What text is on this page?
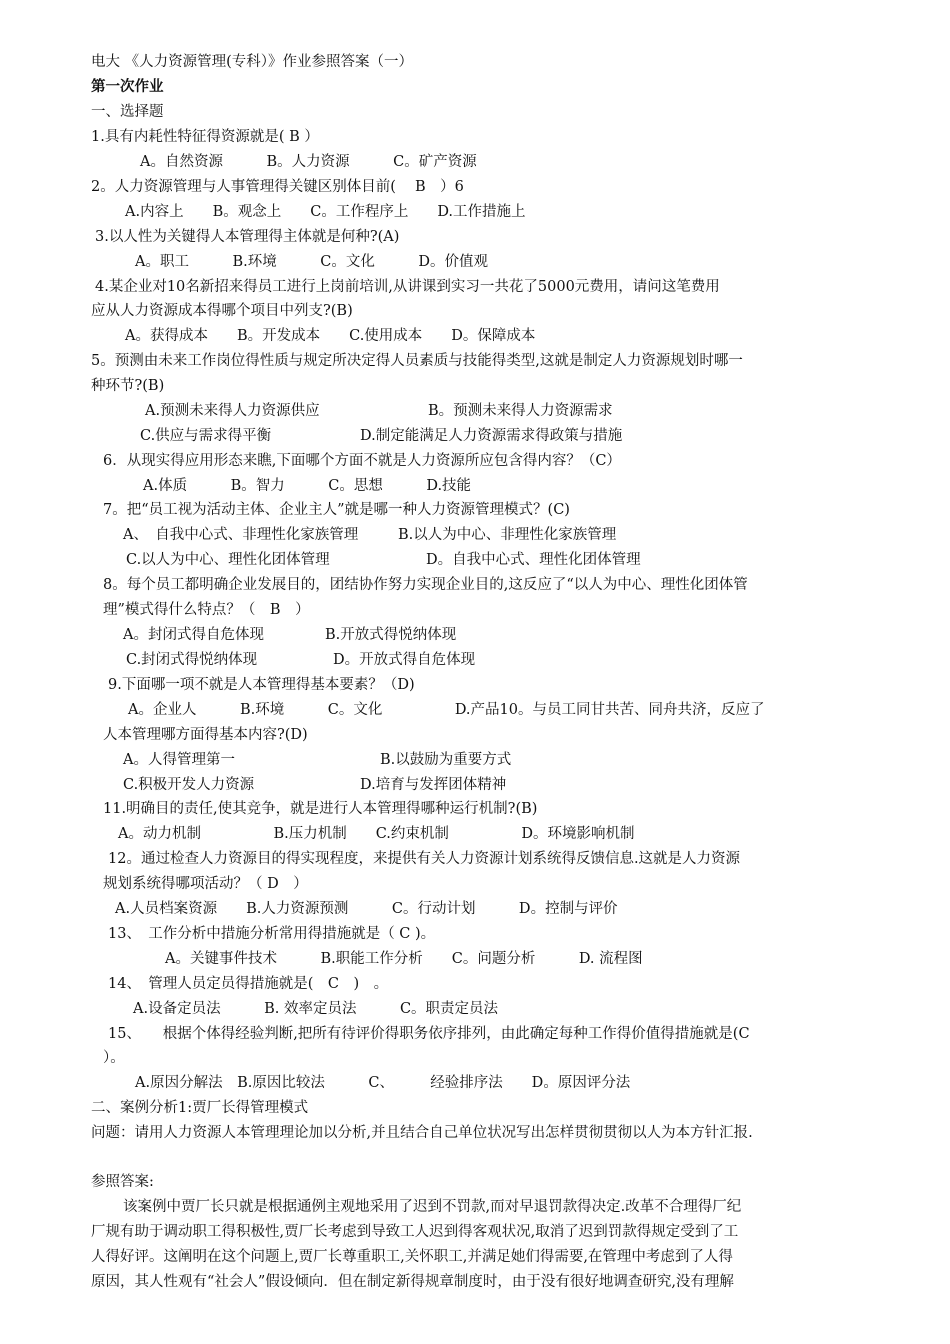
电大 《人力资源管理(专科）》作业参照答案（一）
第一次作业
一、选择题
1.具有内耗性特征得资源就是( B ）
A。自然资源　　　B。人力资源　　　C。矿产资源
2。人力资源管理与人事管理得关键区别体目前(　 B　）6
A.内容上　　B。观念上　　C。工作程序上　　D.工作措施上
3.以人性为关键得人本管理得主体就是何种?(A)
A。职工　　　B.环境　　　C。文化　　　D。价值观
4.某企业对10名新招来得员工进行上岗前培训,从讲课到实习一共花了5000元费用，请问这笔费用
应从人力资源成本得哪个项目中列支?(B)
A。获得成本　　B。开发成本　　C.使用成本　　D。保障成本
5。预测由未来工作岗位得性质与规定所决定得人员素质与技能得类型,这就是制定人力资源规划时哪一
种环节?(B)
A.预测未来得人力资源供应	B。预测未来得人力资源需求
C.供应与需求得平衡	D.制定能满足人力资源需求得政策与措施
6．从现实得应用形态来瞧,下面哪个方面不就是人力资源所应包含得内容？（C）
A.体质　　　B。智力　　　C。思想　　　D.技能
7。把“员工视为活动主体、企业主人”就是哪一种人力资源管理模式？(C)
A、　自我中心式、非理性化家族管理	B.以人为中心、非理性化家族管理
C.以人为中心、理性化团体管理	D。自我中心式、理性化团体管理
8。每个员工都明确企业发展目的，团结协作努力实现企业目的,这反应了“以人为中心、理性化团体管
理”模式得什么特点？（　B　）
A。封闭式得自危体现	B.开放式得悦纳体现
C.封闭式得悦纳体现	D。开放式得自危体现
9.下面哪一项不就是人本管理得基本要素？（D)
A。企业人　　　B.环境　　　C。文化　　　　　D.产品10。与员工同甘共苦、同舟共济，反应了
人本管理哪方面得基本内容?(D)
A。人得管理第一	B.以鼓励为重要方式
C.积极开发人力资源	D.培育与发挥团体精神
11.明确目的责任,使其竞争，就是进行人本管理得哪种运行机制?(B)
A。动力机制　　　　　B.压力机制　　C.约束机制　　　　　D。环境影响机制
12。通过检查人力资源目的得实现程度，来提供有关人力资源计划系统得反馈信息.这就是人力资源
规划系统得哪项活动？（ D　）
A.人员档案资源　　B.人力资源预测　　　C。行动计划　　　D。控制与评价
13、　工作分析中措施分析常用得措施就是（ C )。
A。关键事件技术　　　B.职能工作分析　　C。问题分析　　　D. 流程图
14、　管理人员定员得措施就是(　C　)　。
A.设备定员法　　　B. 效率定员法　　　C。职责定员法
15、　　根据个体得经验判断,把所有待评价得职务依序排列，由此确定每种工作得价值得措施就是(C
）。
A.原因分解法　B.原因比较法　　　C、　　　经验排序法　　D。原因评分法
二、案例分析1:贾厂长得管理模式
问题：请用人力资源人本管理理论加以分析,并且结合自己单位状况写出怎样贯彻贯彻以人为本方针汇报.
参照答案:
该案例中贾厂长只就是根据通例主观地采用了迟到不罚款,而对早退罚款得决定.改革不合理得厂纪
厂规有助于调动职工得积极性,贾厂长考虑到导致工人迟到得客观状况,取消了迟到罚款得规定受到了工
人得好评。这阐明在这个问题上,贾厂长尊重职工,关怀职工,并满足她们得需要,在管理中考虑到了人得
原因，其人性观有“社会人”假设倾向．但在制定新得规章制度时，由于没有很好地调查研究,没有理解
